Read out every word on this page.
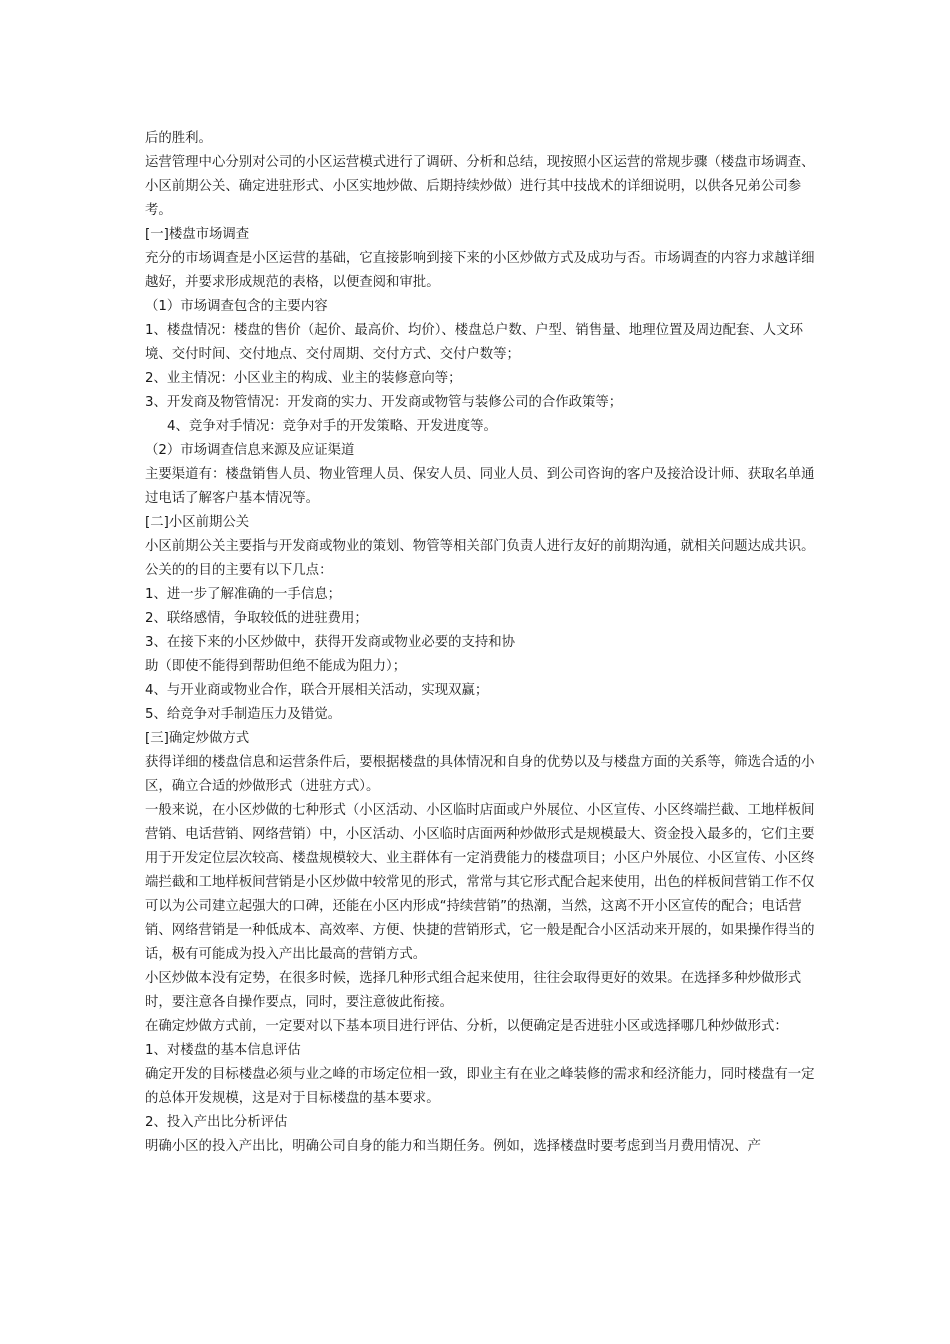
后的胜利。

运营管理中心分别对公司的小区运营模式进行了调研、分析和总结，现按照小区运营的常规步骤（楼盘市场调查、小区前期公关、确定进驻形式、小区实地炒做、后期持续炒做）进行其中技战术的详细说明，以供各兄弟公司参考。

[一]楼盘市场调查

充分的市场调查是小区运营的基础，它直接影响到接下来的小区炒做方式及成功与否。市场调查的内容力求越详细越好，并要求形成规范的表格，以便查阅和审批。

（1）市场调查包含的主要内容

1、楼盘情况：楼盘的售价（起价、最高价、均价）、楼盘总户数、户型、销售量、地理位置及周边配套、人文环境、交付时间、交付地点、交付周期、交付方式、交付户数等；

2、业主情况：小区业主的构成、业主的装修意向等；

3、开发商及物管情况：开发商的实力、开发商或物管与装修公司的合作政策等；

4、竞争对手情况：竞争对手的开发策略、开发进度等。

（2）市场调查信息来源及应证渠道

主要渠道有：楼盘销售人员、物业管理人员、保安人员、同业人员、到公司咨询的客户及接洽设计师、获取名单通过电话了解客户基本情况等。

[二]小区前期公关

小区前期公关主要指与开发商或物业的策划、物管等相关部门负责人进行友好的前期沟通，就相关问题达成共识。公关的的目的主要有以下几点：

1、进一步了解准确的一手信息；

2、联络感情，争取较低的进驻费用；

3、在接下来的小区炒做中，获得开发商或物业必要的支持和协

助（即使不能得到帮助但绝不能成为阻力）；

4、与开业商或物业合作，联合开展相关活动，实现双赢；

5、给竞争对手制造压力及错觉。

[三]确定炒做方式

获得详细的楼盘信息和运营条件后，要根据楼盘的具体情况和自身的优势以及与楼盘方面的关系等，筛选合适的小区，确立合适的炒做形式（进驻方式）。

一般来说，在小区炒做的七种形式（小区活动、小区临时店面或户外展位、小区宣传、小区终端拦截、工地样板间营销、电话营销、网络营销）中，小区活动、小区临时店面两种炒做形式是规模最大、资金投入最多的，它们主要用于开发定位层次较高、楼盘规模较大、业主群体有一定消费能力的楼盘项目；小区户外展位、小区宣传、小区终端拦截和工地样板间营销是小区炒做中较常见的形式，常常与其它形式配合起来使用，出色的样板间营销工作不仅可以为公司建立起强大的口碑，还能在小区内形成“持续营销”的热潮，当然，这离不开小区宣传的配合；电话营销、网络营销是一种低成本、高效率、方便、快捷的营销形式，它一般是配合小区活动来开展的，如果操作得当的话，极有可能成为投入产出比最高的营销方式。

小区炒做本没有定势，在很多时候，选择几种形式组合起来使用，往往会取得更好的效果。在选择多种炒做形式时，要注意各自操作要点，同时，要注意彼此衔接。

在确定炒做方式前，一定要对以下基本项目进行评估、分析，以便确定是否进驻小区或选择哪几种炒做形式：

1、对楼盘的基本信息评估

确定开发的目标楼盘必须与业之峰的市场定位相一致，即业主有在业之峰装修的需求和经济能力，同时楼盘有一定的总体开发规模，这是对于目标楼盘的基本要求。

2、投入产出比分析评估

明确小区的投入产出比，明确公司自身的能力和当期任务。例如，选择楼盘时要考虑到当月费用情况、产
